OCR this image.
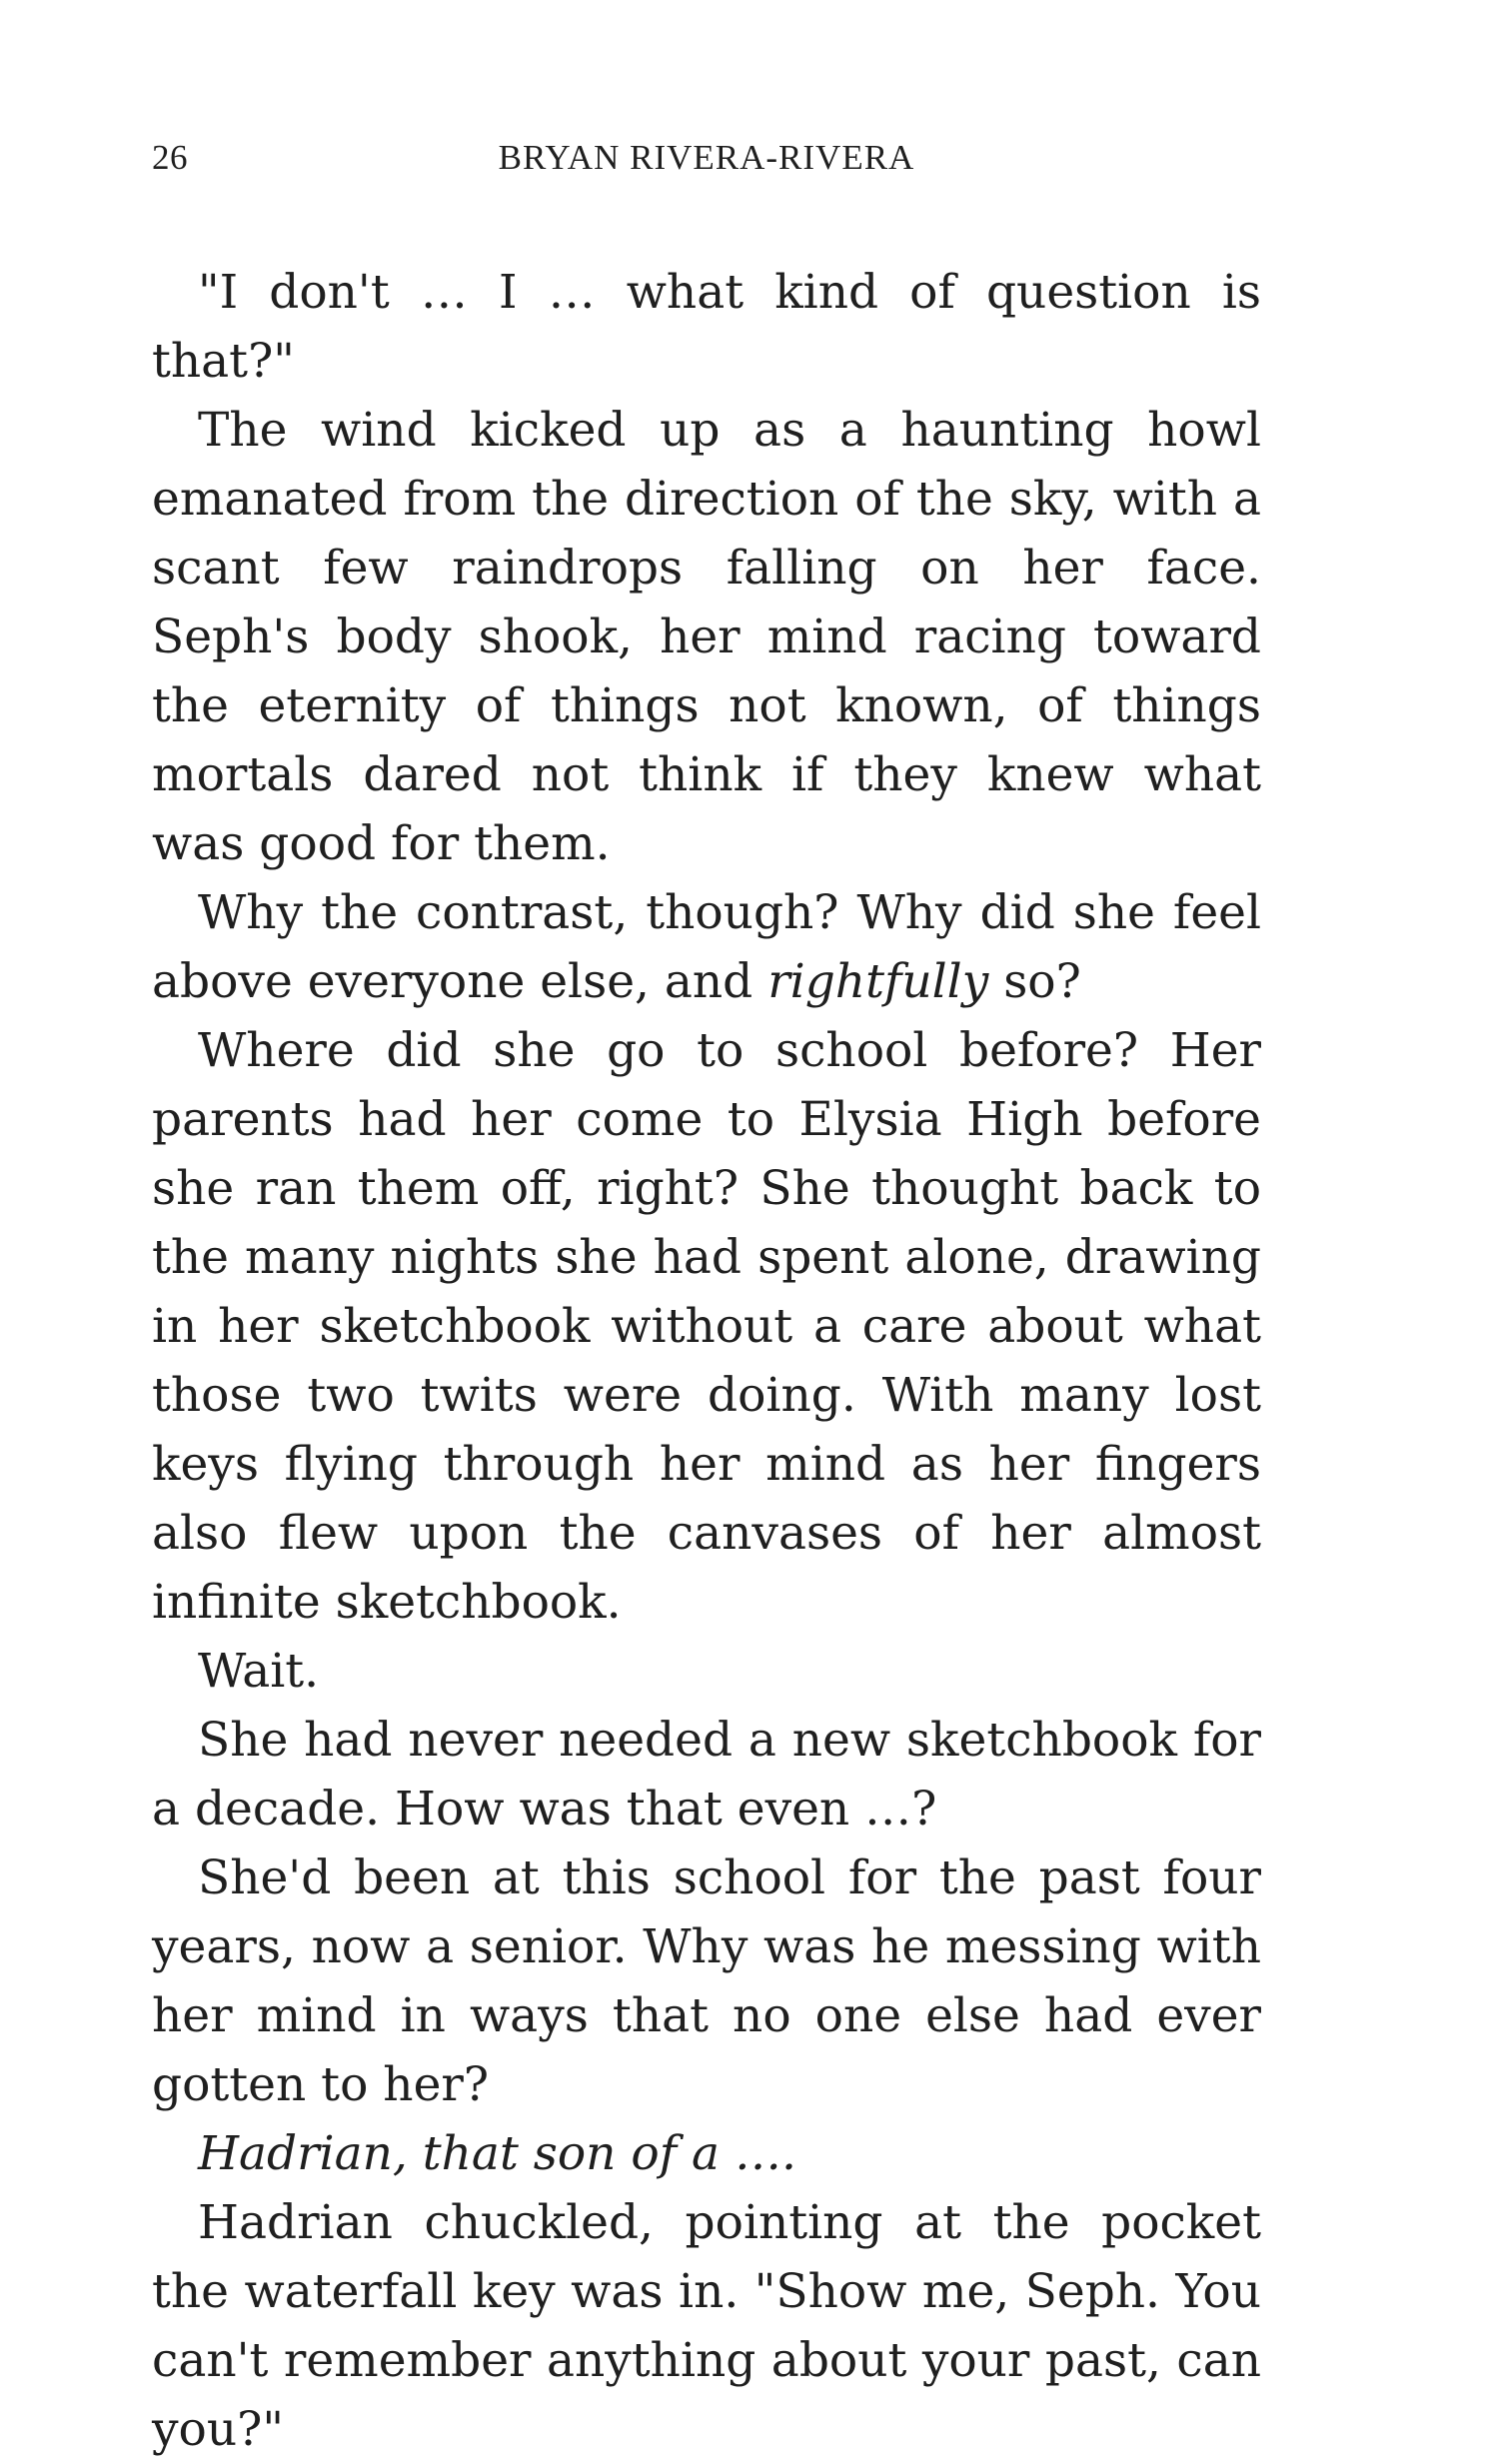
26	BRYAN RIVERA-RIVERA

"I don't … I … what kind of question is that?"

The wind kicked up as a haunting howl emanated from the direction of the sky, with a scant few raindrops falling on her face. Seph's body shook, her mind racing toward the eternity of things not known, of things mortals dared not think if they knew what was good for them.

Why the contrast, though? Why did she feel above everyone else, and rightfully so?

Where did she go to school before? Her parents had her come to Elysia High before she ran them off, right? She thought back to the many nights she had spent alone, drawing in her sketchbook without a care about what those two twits were doing. With many lost keys flying through her mind as her fingers also flew upon the canvases of her almost infinite sketchbook.

Wait.

She had never needed a new sketchbook for a decade. How was that even …?

She'd been at this school for the past four years, now a senior. Why was he messing with her mind in ways that no one else had ever gotten to her?

Hadrian, that son of a ….

Hadrian chuckled, pointing at the pocket the waterfall key was in. "Show me, Seph. You can't remember anything about your past, can you?"
